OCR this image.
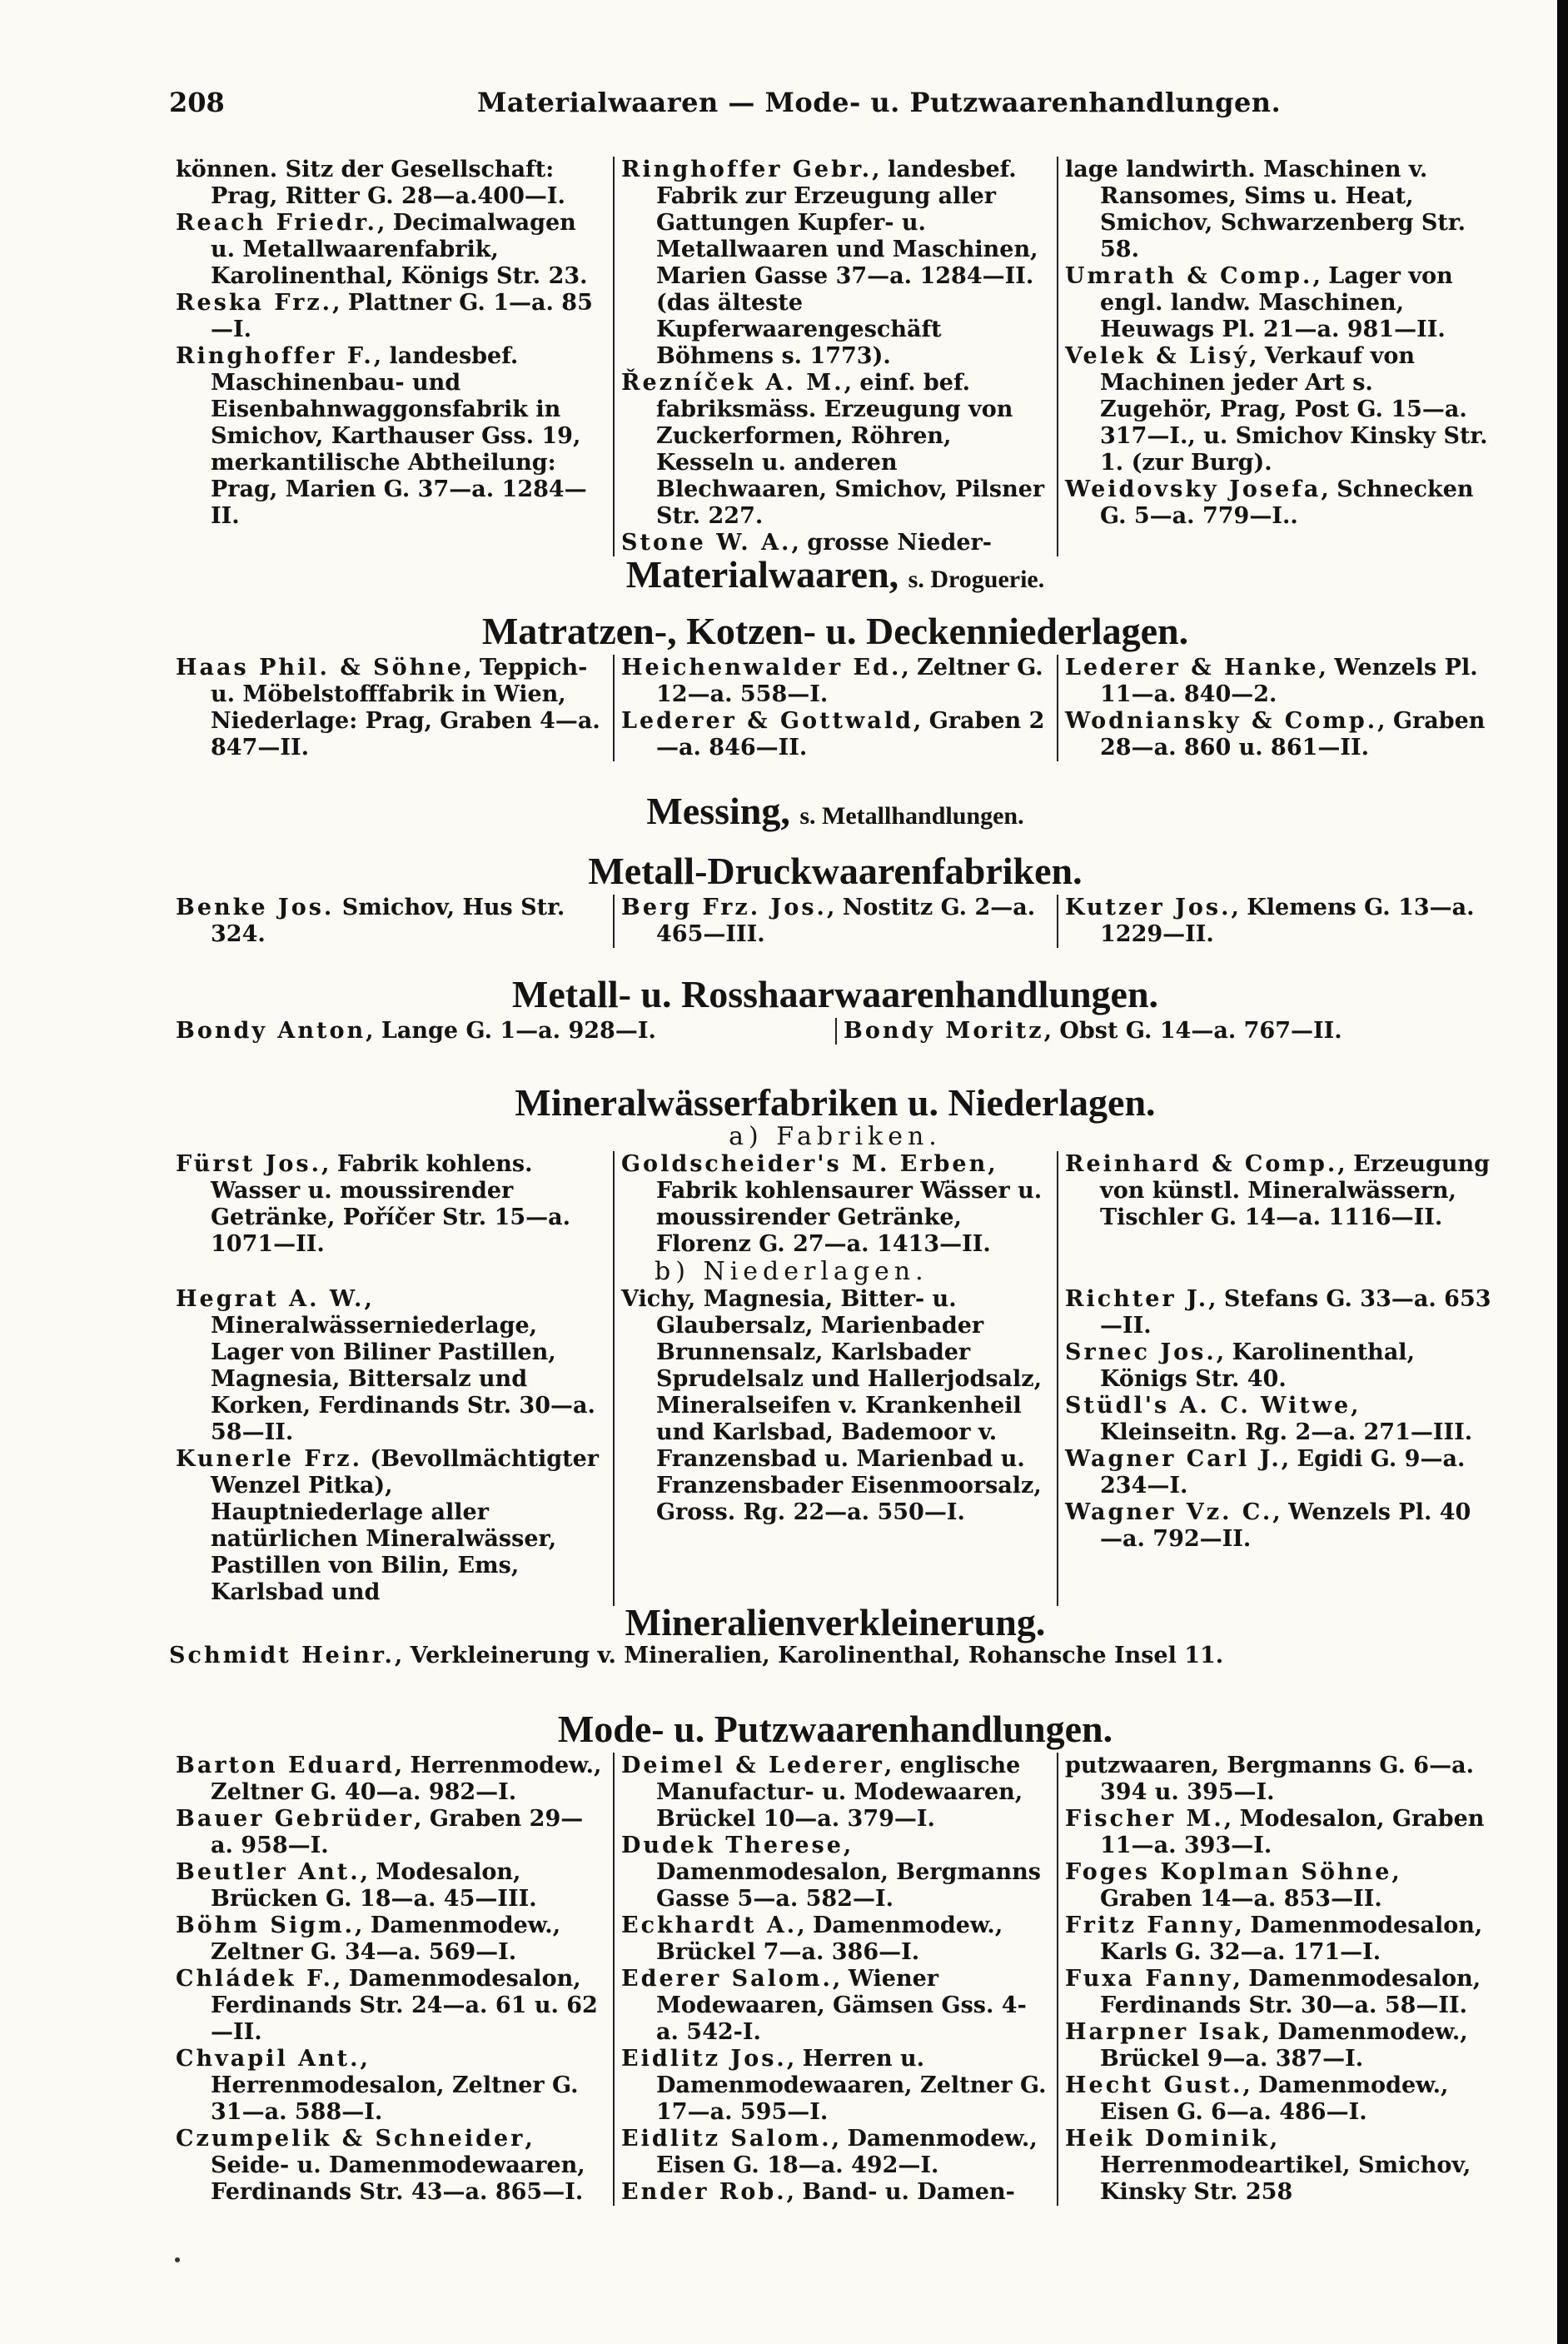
208	Materialwaaren — Mode- u. Putzwaarenhandlungen.
können. Sitz der Gesellschaft: Prag, Ritter G. 28—a.400—I.
Reach Friedr., Decimalwagen u. Metallwaarenfabrik, Karolinenthal, Königs Str. 23.
Reska Frz., Plattner G. 1—a. 85—I.
Ringhoffer F., landesbef. Maschinenbau- und Eisenbahnwaggonsfabrik in Smichov, Karthauser Gss. 19, merkantilische Abtheilung: Prag, Marien G. 37—a. 1284—II.
Ringhoffer Gebr., landesbef. Fabrik zur Erzeugung aller Gattungen Kupfer- u. Metallwaaren und Maschinen, Marien Gasse 37—a. 1284—II. (das älteste Kupferwaarengeschäft Böhmens s. 1773).
Řezníček A. M., einf. bef. fabriksmäss. Erzeugung von Zuckerformen, Röhren, Kesseln u. anderen Blechwaaren, Smichov, Pilsner Str. 227.
Stone W. A., grosse Nieder-
lage landwirth. Maschinen v. Ransomes, Sims u. Heat, Smichov, Schwarzenberg Str. 58.
Umrath & Comp., Lager von engl. landw. Maschinen, Heuwags Pl. 21—a. 981—II.
Velek & Lisý, Verkauf von Machinen jeder Art s. Zugehör, Prag, Post G. 15—a. 317—I., u. Smichov Kinsky Str. 1. (zur Burg).
Weidovsky Josefa, Schnecken G. 5—a. 779—I..
Materialwaaren, s. Droguerie.
Matratzen-, Kotzen- u. Deckenniederlagen.
Haas Phil. & Söhne, Teppich- u. Möbelstofffabrik in Wien, Niederlage: Prag, Graben 4—a. 847—II.
Heichenwalder Ed., Zeltner G. 12—a. 558—I.
Lederer & Gottwald, Graben 2—a. 846—II.
Lederer & Hanke, Wenzels Pl. 11—a. 840—2.
Wodniansky & Comp., Graben 28—a. 860 u. 861—II.
Messing, s. Metallhandlungen.
Metall-Druckwaarenfabriken.
Benke Jos. Smichov, Hus Str. 324.
Berg Frz. Jos., Nostitz G. 2—a. 465—III.
Kutzer Jos., Klemens G. 13—a. 1229—II.
Metall- u. Rosshaarwaarenhandlungen.
Bondy Anton, Lange G. 1—a. 928—I.	Bondy Moritz, Obst G. 14—a. 767—II.
Mineralwässerfabriken u. Niederlagen.
a) Fabriken.
Fürst Jos., Fabrik kohlens. Wasser u. moussirender Getränke, Poříčer Str. 15—a. 1071—II.
Goldscheider's M. Erben, Fabrik kohlensaurer Wässer u. moussirender Getränke, Florenz G. 27—a. 1413—II.
Reinhard & Comp., Erzeugung von künstl. Mineralwässern, Tischler G. 14—a. 1116—II.
b) Niederlagen.
Hegrat A. W., Mineralwässerniederlage, Lager von Biliner Pastillen, Magnesia, Bittersalz und Korken, Ferdinands Str. 30—a. 58—II.
Kunerle Frz. (Bevollmächtigter Wenzel Pitka), Hauptniederlage aller natürlichen Mineralwässer, Pastillen von Bilin, Ems, Karlsbad und
Vichy, Magnesia, Bitter- u. Glaubersalz, Marienbader Brunnensalz, Karlsbader Sprudelsalz und Hallerjodsalz, Mineralseifen v. Krankenheil und Karlsbad, Bademoor v. Franzensbad u. Marienbad u. Franzensbader Eisenmoorsalz, Gross. Rg. 22—a. 550—I.
Richter J., Stefans G. 33—a. 653—II.
Srnec Jos., Karolinenthal, Königs Str. 40.
Stüdl's A. C. Witwe, Kleinseitn. Rg. 2—a. 271—III.
Wagner Carl J., Egidi G. 9—a. 234—I.
Wagner Vz. C., Wenzels Pl. 40—a. 792—II.
Mineralienverkleinerung.
Schmidt Heinr., Verkleinerung v. Mineralien, Karolinenthal, Rohansche Insel 11.
Mode- u. Putzwaarenhandlungen.
Barton Eduard, Herrenmodew., Zeltner G. 40—a. 982—I.
Bauer Gebrüder, Graben 29—a. 958—I.
Beutler Ant., Modesalon, Brücken G. 18—a. 45—III.
Böhm Sigm., Damenmodew., Zeltner G. 34—a. 569—I.
Chládek F., Damenmodesalon, Ferdinands Str. 24—a. 61 u. 62—II.
Chvapil Ant., Herrenmodesalon, Zeltner G. 31—a. 588—I.
Czumpelik & Schneider, Seide- u. Damenmodewaaren, Ferdinands Str. 43—a. 865—I.
Deimel & Lederer, englische Manufactur- u. Modewaaren, Brückel 10—a. 379—I.
Dudek Therese, Damenmodesalon, Bergmanns Gasse 5—a. 582—I.
Eckhardt A., Damenmodew., Brückel 7—a. 386—I.
Ederer Salom., Wiener Modewaaren, Gämsen Gss. 4-a. 542-I.
Eidlitz Jos., Herren u. Damenmodewaaren, Zeltner G. 17—a. 595—I.
Eidlitz Salom., Damenmodew., Eisen G. 18—a. 492—I.
Ender Rob., Band- u. Damen-
putzwaaren, Bergmanns G. 6—a. 394 u. 395—I.
Fischer M., Modesalon, Graben 11—a. 393—I.
Foges Koplman Söhne, Graben 14—a. 853—II.
Fritz Fanny, Damenmodesalon, Karls G. 32—a. 171—I.
Fuxa Fanny, Damenmodesalon, Ferdinands Str. 30—a. 58—II.
Harpner Isak, Damenmodew., Brückel 9—a. 387—I.
Hecht Gust., Damenmodew., Eisen G. 6—a. 486—I.
Heik Dominik, Herrenmodeartikel, Smichov, Kinsky Str. 258
